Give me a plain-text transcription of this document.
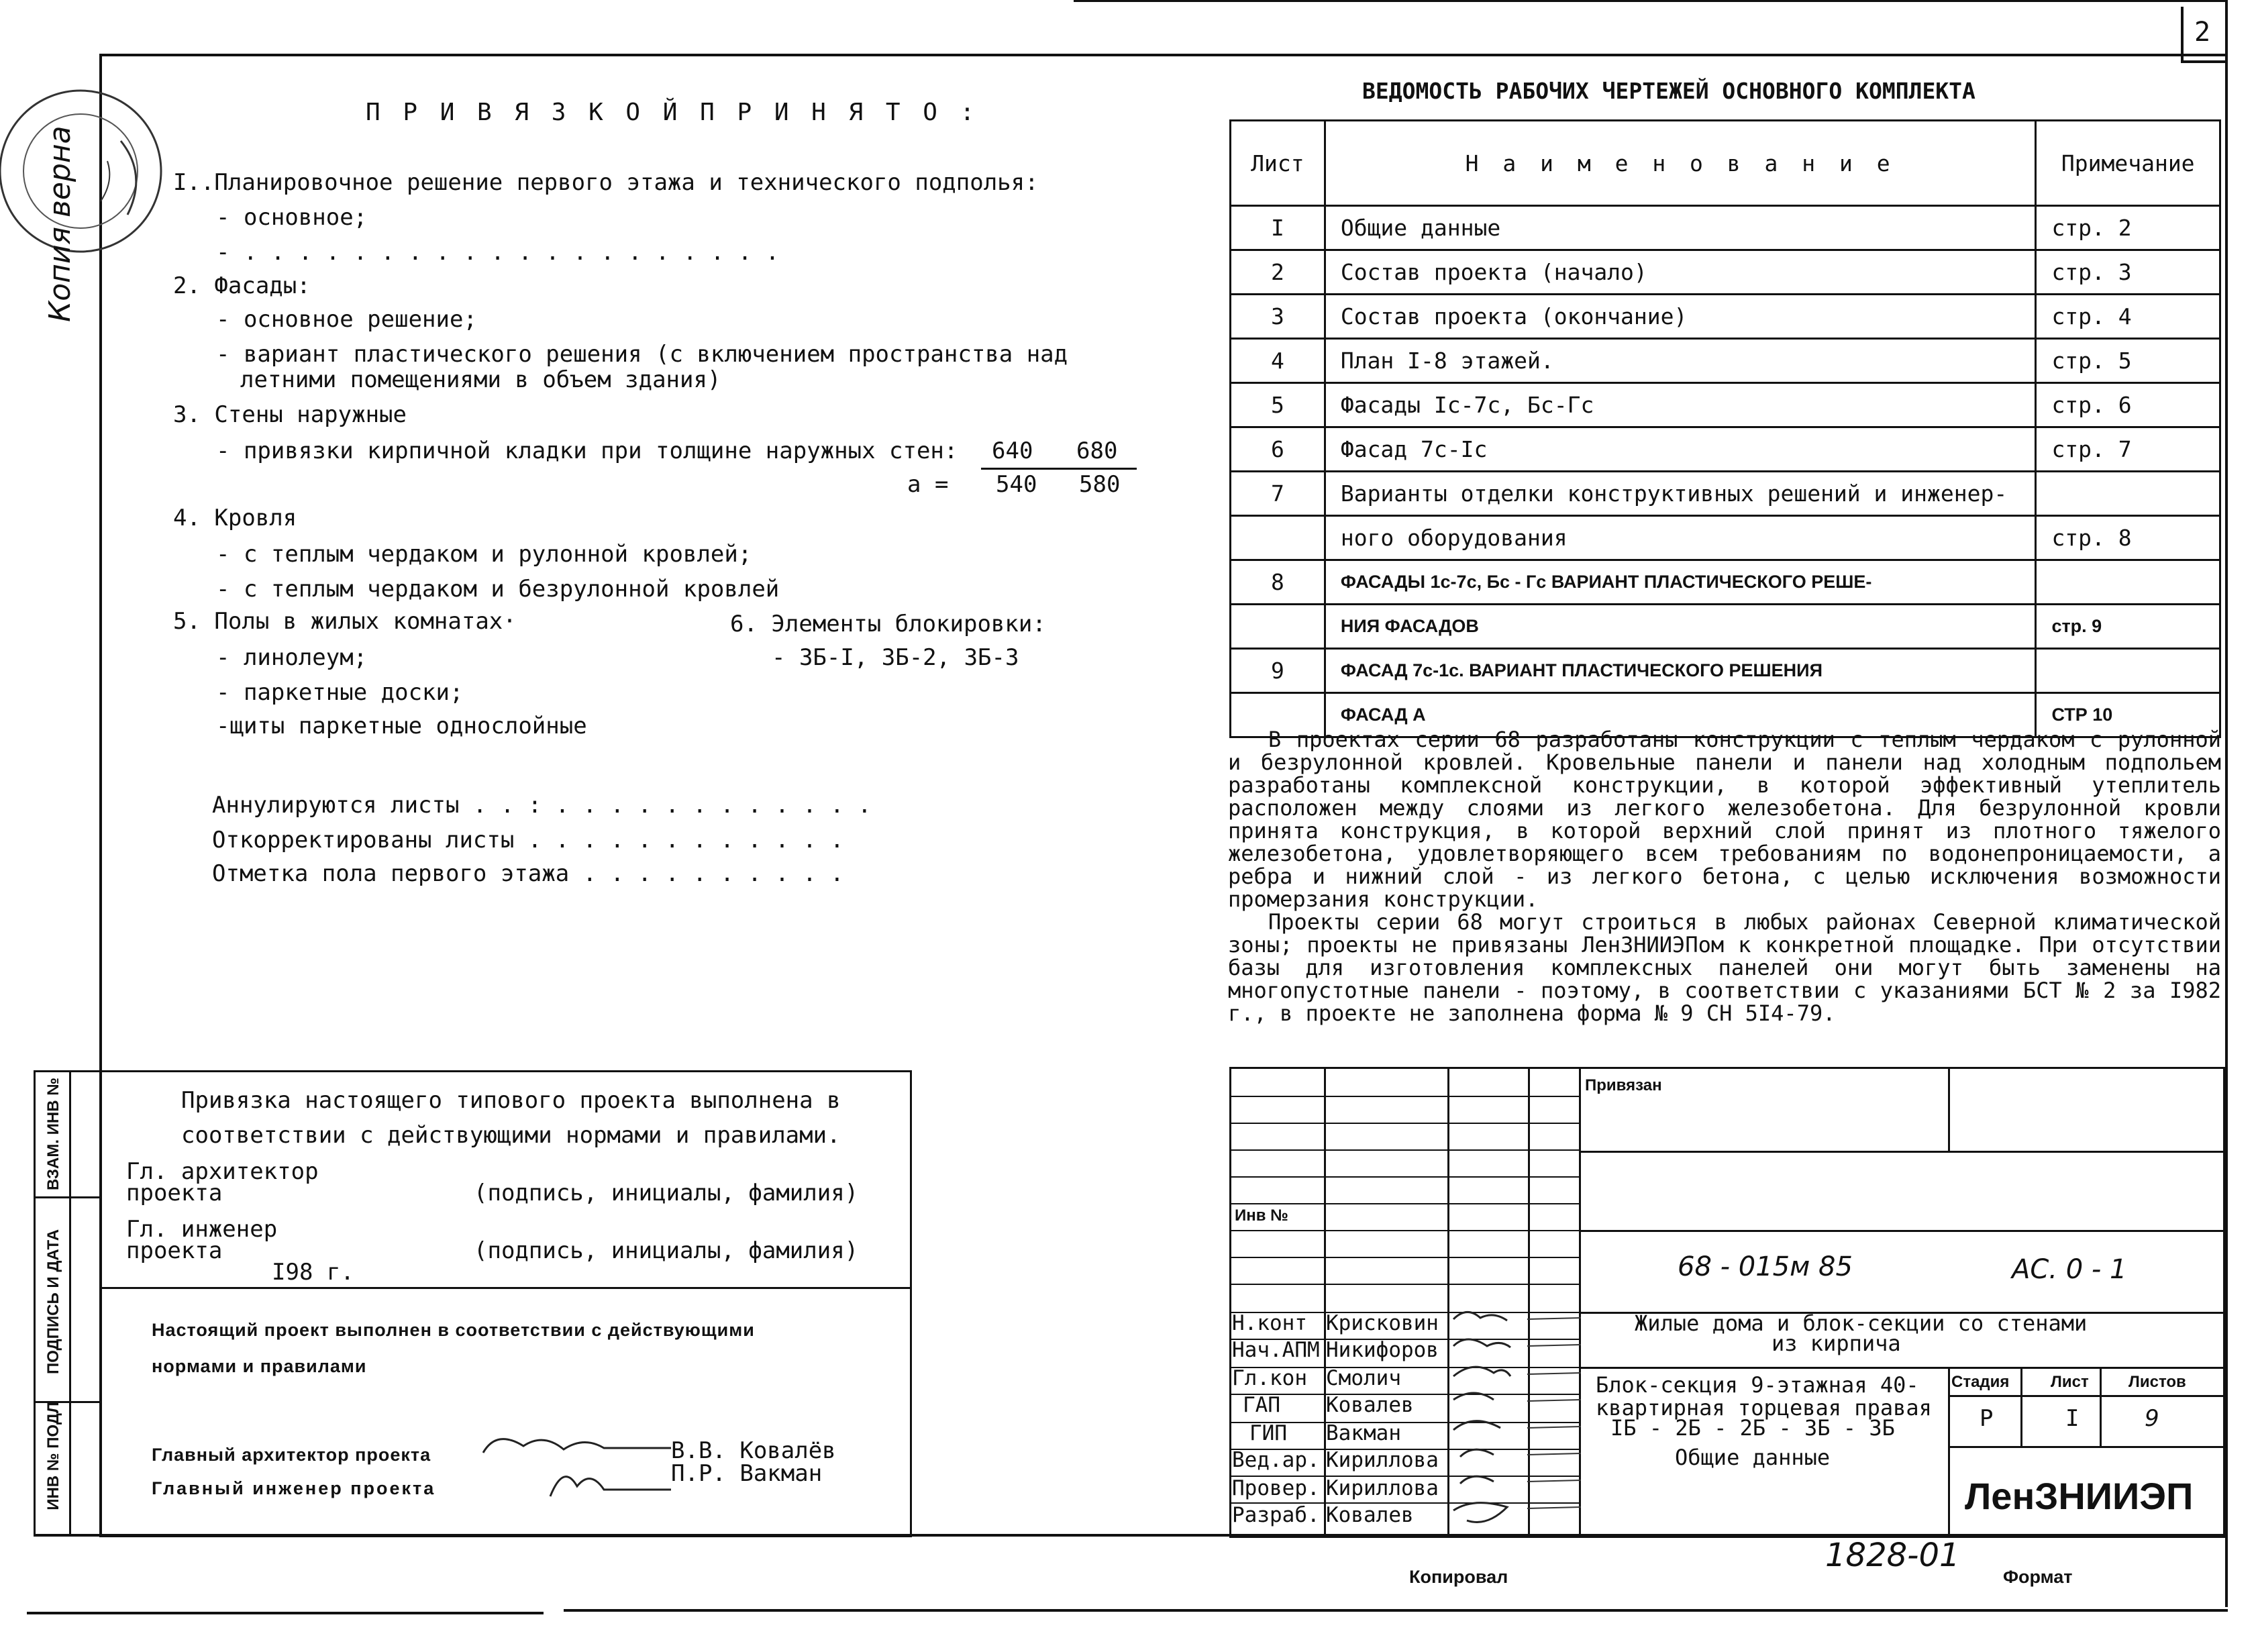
2
Копия верна
ИНВ № ПОДЛ
ПОДПИСЬ И ДАТА
ВЗАМ. ИНВ №
П Р И В Я З К О Й П Р И Н Я Т О :
I..Планировочное решение первого этажа и технического подполья:
- основное;
- . . . . . . . . . . . . . . . . . . . .
2. Фасады:
- основное решение;
- вариант пластического решения (с включением пространства над
летними помещениями в объем здания)
3. Стены наружные
- привязки кирпичной кладки при толщине наружных стен: 640 680
a = 540 580
4. Кровля
- с теплым чердаком и рулонной кровлей;
- с теплым чердаком и безрулонной кровлей
5. Полы в жилых комнатах·	6. Элементы блокировки:
- линолеум;	- ЗБ-I, ЗБ-2, ЗБ-3
- паркетные доски;
-щиты паркетные однослойные
Аннулируются листы . . : . . . . . . . . . . . .
Откорректированы листы . . . . . . . . . . . .
Отметка пола первого этажа . . . . . . . . . .
Привязка настоящего типового проекта выполнена в
соответствии с действующими нормами и правилами.
Гл. архитектор
проекта	(подпись, инициалы, фамилия)
Гл. инженер
проекта	(подпись, инициалы, фамилия)
I98 г.
Настоящий проект выполнен в соответствии с действующими
нормами и правилами
Главный архитектор проекта	В.В. Ковалёв
Главный инженер проекта
П.Р. Вакман
ВЕДОМОСТЬ РАБОЧИХ ЧЕРТЕЖЕЙ ОСНОВНОГО КОМПЛЕКТА
Лист	Н а и м е н о в а н и е	Примечание
I	Общие данные	стр. 2
2	Состав проекта (начало)	стр. 3
3	Состав проекта (окончание)	стр. 4
4	План I-8 этажей.	стр. 5
5	Фасады Iс-7с, Бс-Гс	стр. 6
6	Фасад 7с-Iс	стр. 7
7	Варианты отделки конструктивных решений и инженер-	
	ного оборудования	стр. 8
8	ФАСАДЫ 1с-7с, Бс - Гс ВАРИАНТ ПЛАСТИЧЕСКОГО РЕШЕ-	
	НИЯ ФАСАДОВ	стр. 9
9	ФАСАД 7с-1с. ВАРИАНТ ПЛАСТИЧЕСКОГО РЕШЕНИЯ	
	ФАСАД А	СТР 10

В проектах серии 68 разработаны конструкции с теплым чердаком с рулонной и безрулонной кровлей. Кровельные панели и панели над холодным подпольем разработаны комплексной конструкции, в которой эффективный утеплитель расположен между слоями из легкого железобетона. Для безрулонной кровли принята конструкция, в которой верхний слой принят из плотного тяжелого железобетона, удовлетворяющего всем требованиям по водонепроницаемости, а ребра и нижний слой - из легкого бетона, с целью исключения возможности промерзания конструкции.

Проекты серии 68 могут строиться в любых районах Северной климатической зоны; проекты не привязаны ЛенЗНИИЭПом к конкретной площадке. При отсутствии базы для изготовления комплексных панелей они могут быть заменены на многопустотные панели - поэтому, в соответствии с указаниями БСТ № 2 за I982 г., в проекте не заполнена форма № 9 СН 5I4-79.

Привязан
Инв №
68 - 015м 85	АС. 0 - 1
Жилые дома и блок-секции со стенами
из кирпича
Блок-секция 9-этажная 40-
квартирная торцевая правая
IБ - 2Б - 2Б - 3Б - 3Б
Общие данные
Стадия	Лист Листов
Р	I	9
ЛенЗНИИЭП
Н.конт Крисковин
Нач.АПМ Никифоров
Гл.кон Смолич
ГАП Ковалев
ГИП Вакман
Вед.ар. Кириллова
Провер. Кириллова
Разраб. Ковалев
Копировал
1828-01
Формат
